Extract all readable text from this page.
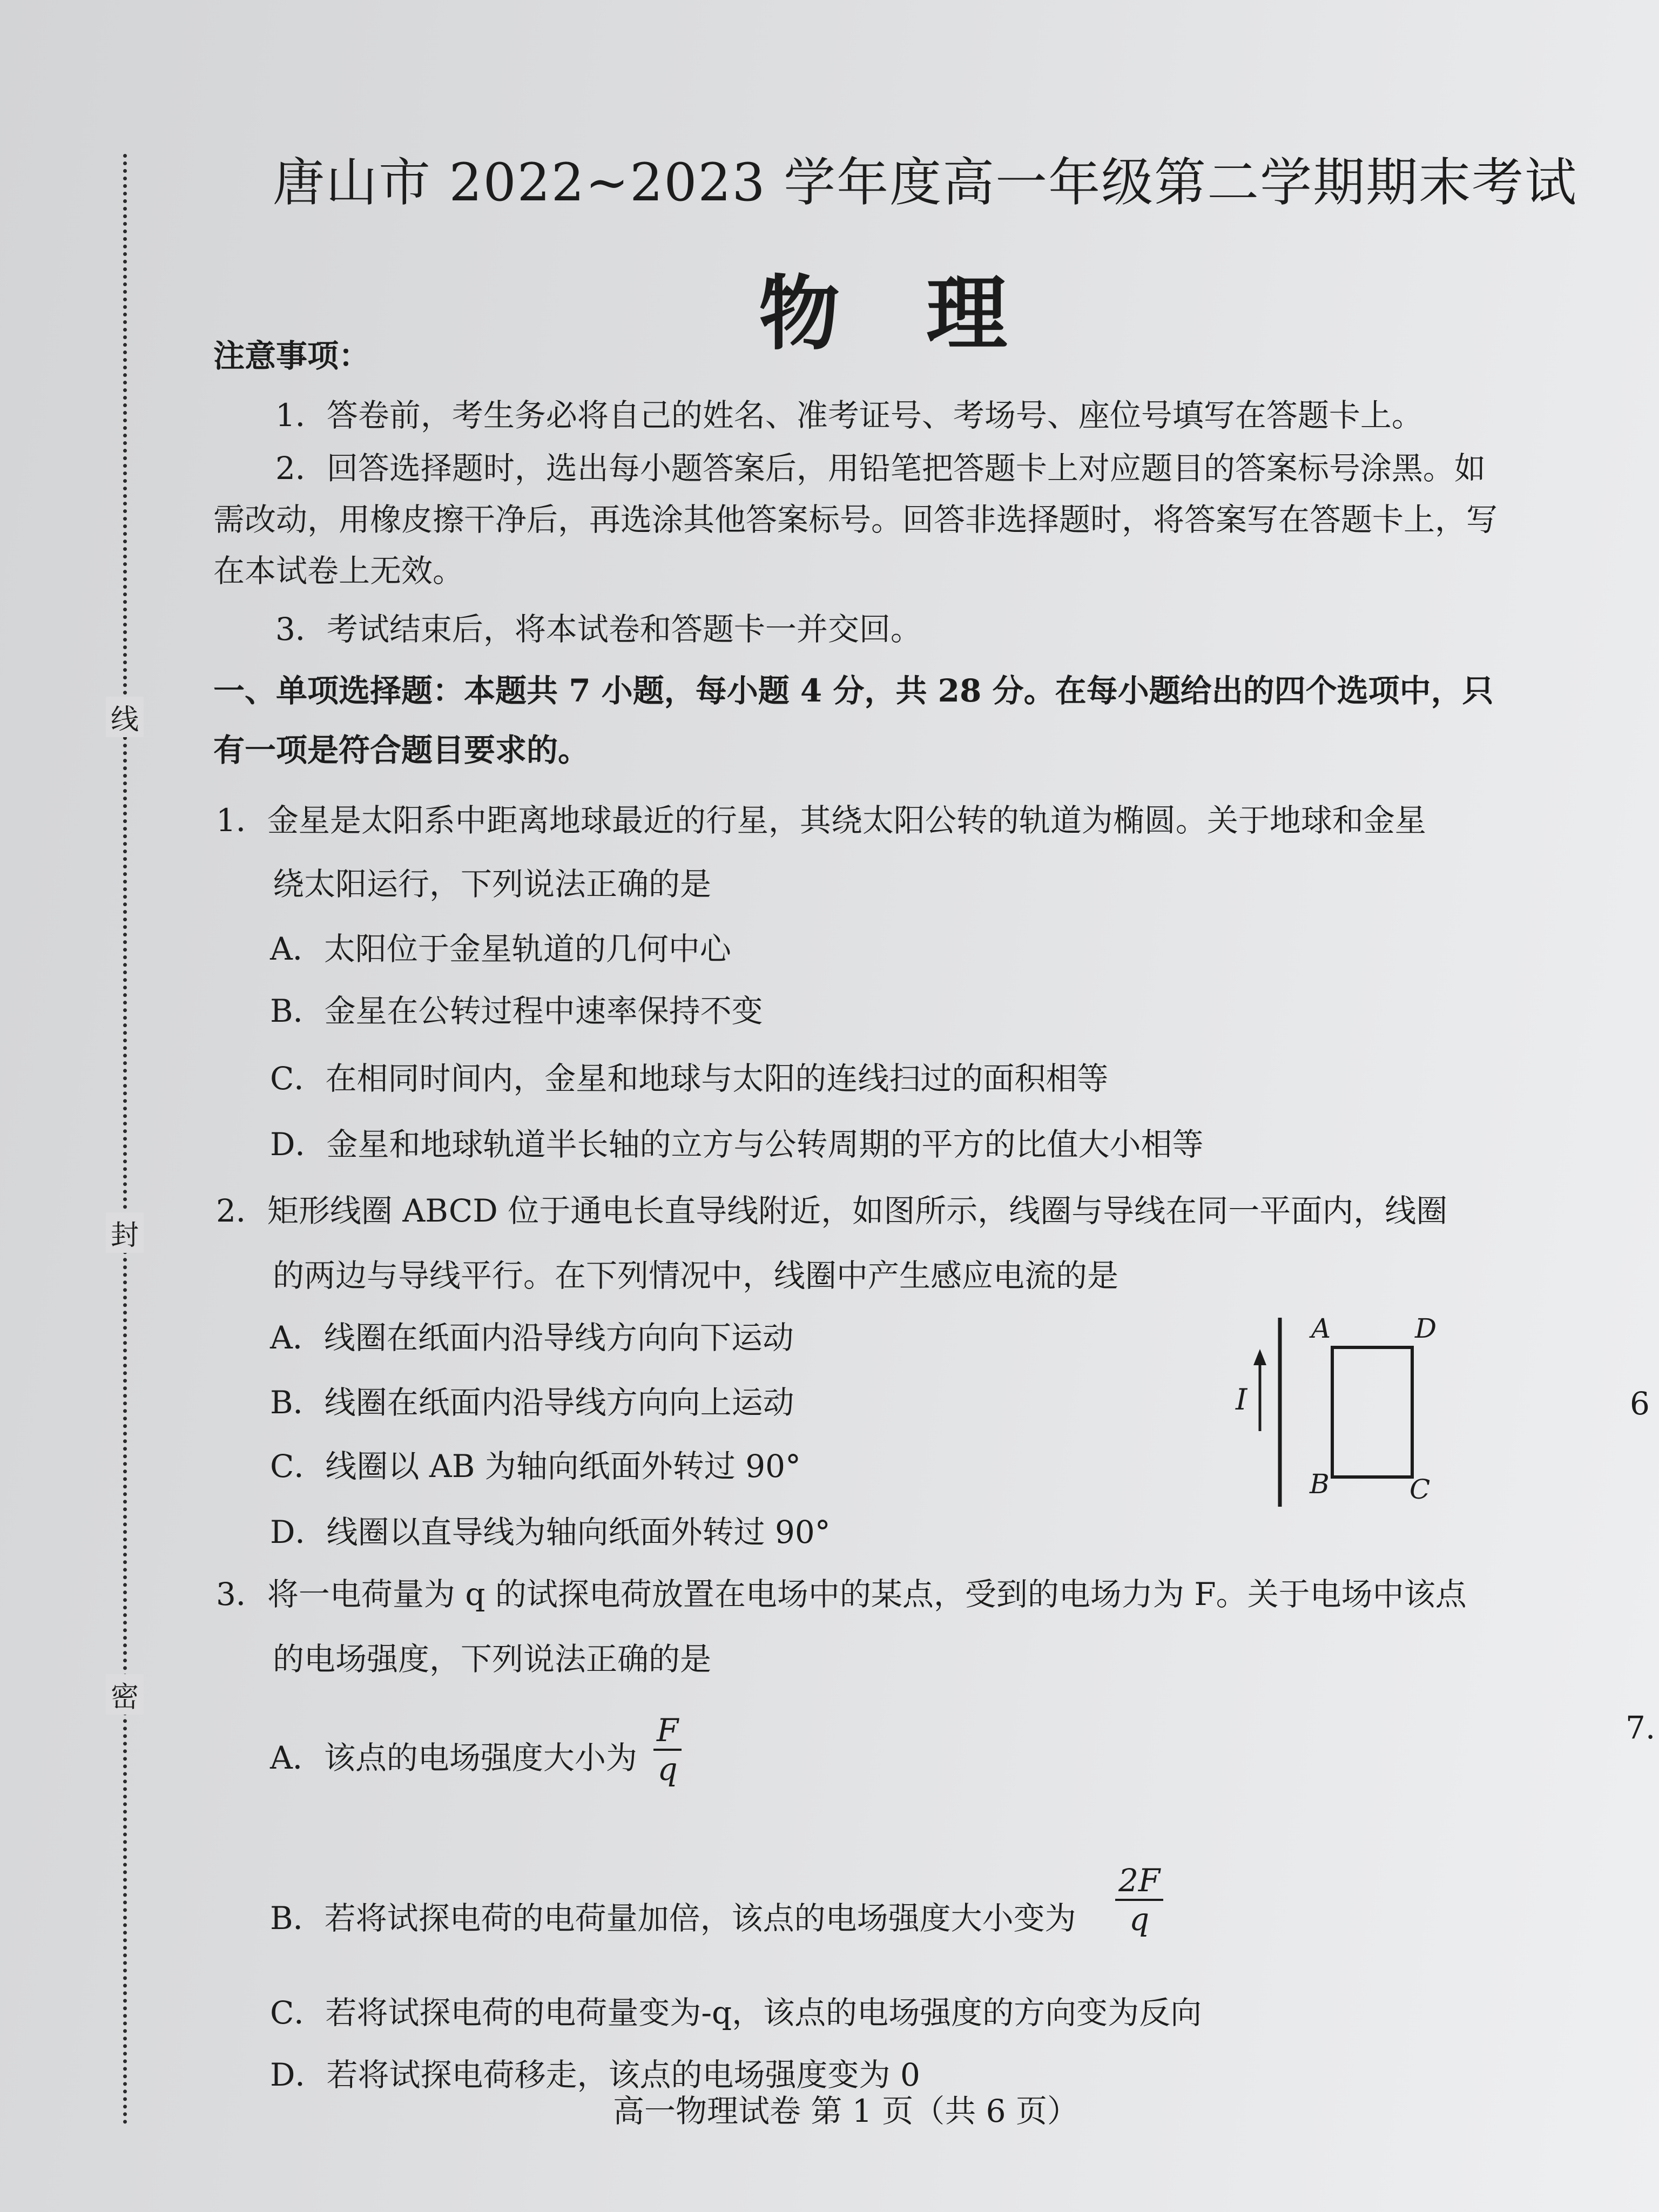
线
封
密
唐山市 2022~2023 学年度高一年级第二学期期末考试
物理
注意事项：
1．答卷前，考生务必将自己的姓名、准考证号、考场号、座位号填写在答题卡上。
2．回答选择题时，选出每小题答案后，用铅笔把答题卡上对应题目的答案标号涂黑。如
需改动，用橡皮擦干净后，再选涂其他答案标号。回答非选择题时，将答案写在答题卡上，写
在本试卷上无效。
3．考试结束后，将本试卷和答题卡一并交回。
一、单项选择题：本题共 7 小题，每小题 4 分，共 28 分。在每小题给出的四个选项中，只
有一项是符合题目要求的。
1．金星是太阳系中距离地球最近的行星，其绕太阳公转的轨道为椭圆。关于地球和金星
绕太阳运行，下列说法正确的是
A．太阳位于金星轨道的几何中心
B．金星在公转过程中速率保持不变
C．在相同时间内，金星和地球与太阳的连线扫过的面积相等
D．金星和地球轨道半长轴的立方与公转周期的平方的比值大小相等
2．矩形线圈 ABCD 位于通电长直导线附近，如图所示，线圈与导线在同一平面内，线圈
的两边与导线平行。在下列情况中，线圈中产生感应电流的是
A．线圈在纸面内沿导线方向向下运动
B．线圈在纸面内沿导线方向向上运动
C．线圈以 AB 为轴向纸面外转过 90°
D．线圈以直导线为轴向纸面外转过 90°
I
A	D
B	C
3．将一电荷量为 q 的试探电荷放置在电场中的某点，受到的电场力为 F。关于电场中该点
的电场强度，下列说法正确的是
A．该点的电场强度大小为 $\frac{F}{q}$
B．若将试探电荷的电荷量加倍，该点的电场强度大小变为 $\frac{2F}{q}$
C．若将试探电荷的电荷量变为-q，该点的电场强度的方向变为反向
D．若将试探电荷移走，该点的电场强度变为 0
6
7.
高一物理试卷 第 1 页（共 6 页）
